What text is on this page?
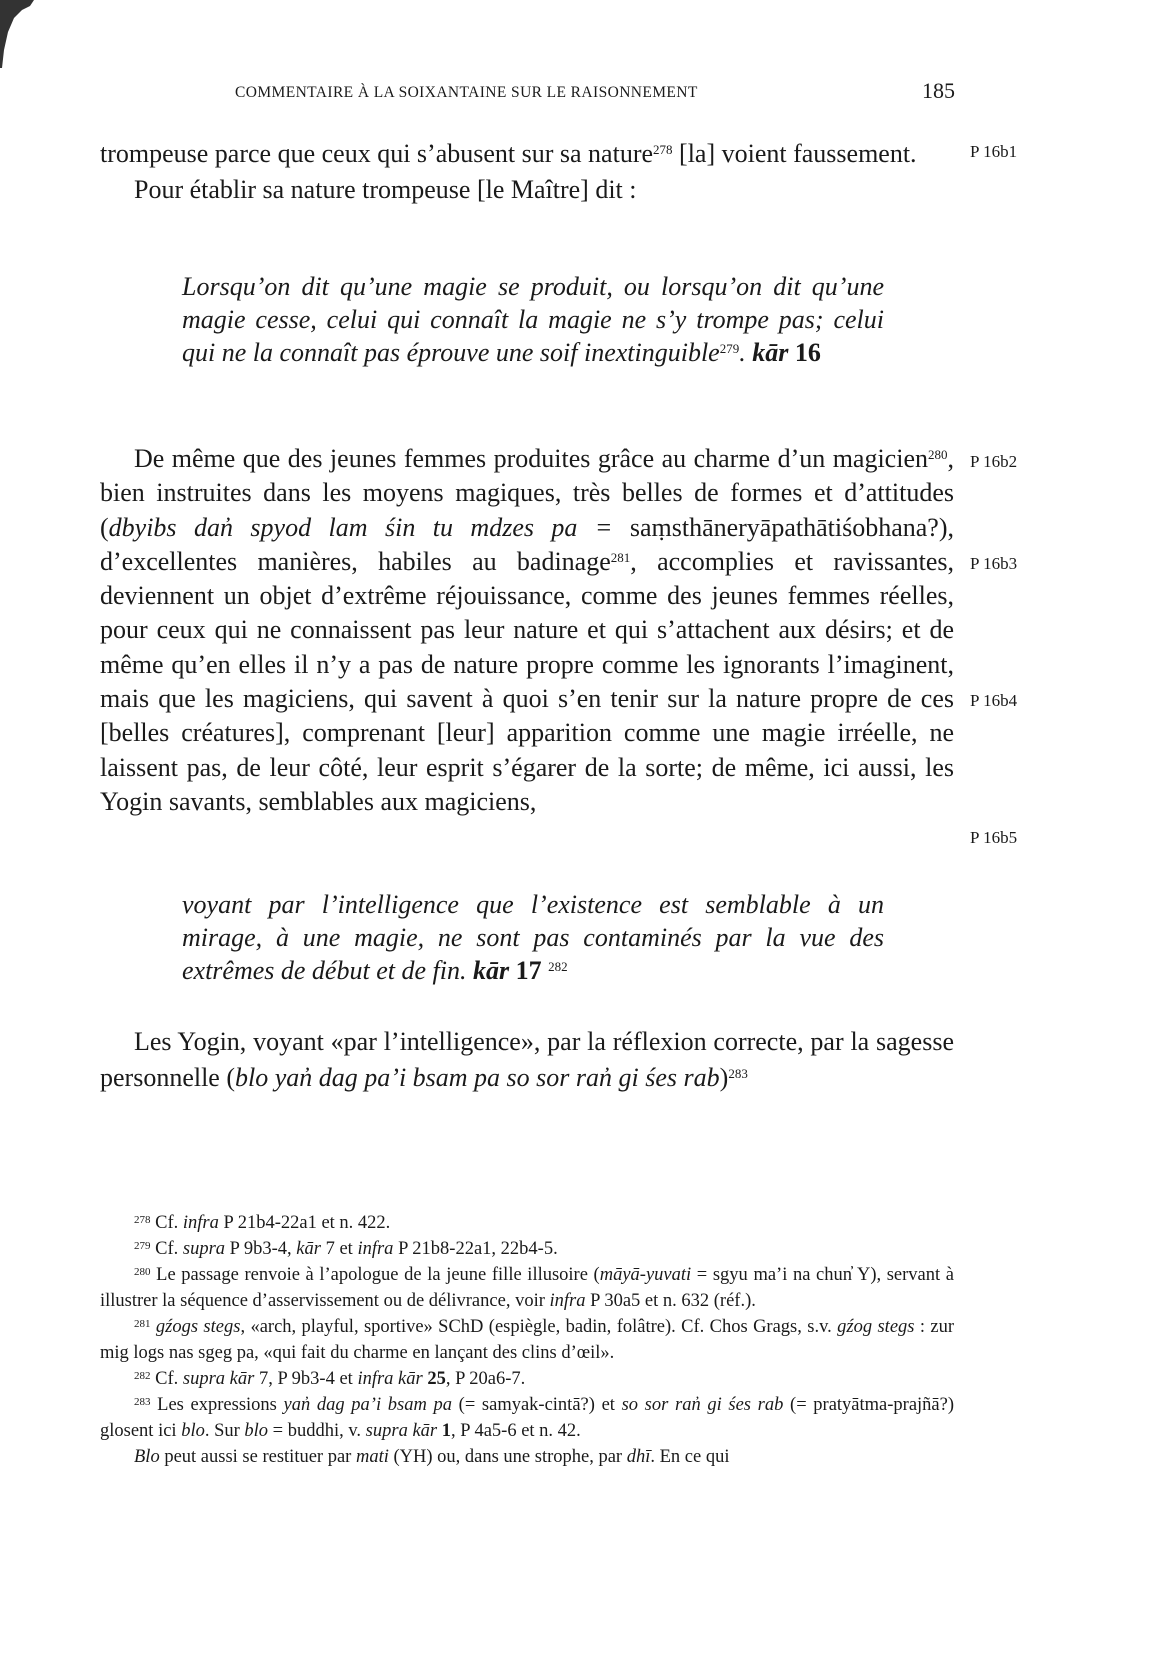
COMMENTAIRE À LA SOIXANTAINE SUR LE RAISONNEMENT	185

trompeuse parce que ceux qui s’abusent sur sa nature$^{278}$ [la] voient faussement.

Pour établir sa nature trompeuse [le Maître] dit :

Lorsqu’on dit qu’une magie se produit, ou lorsqu’on dit qu’une magie cesse, celui qui connaît la magie ne s’y trompe pas; celui qui ne la connaît pas éprouve une soif inextinguible$^{279}$. kār 16

De même que des jeunes femmes produites grâce au charme d’un magicien$^{280}$, bien instruites dans les moyens magiques, très belles de formes et d’attitudes (dbyibs dan̓ spyod lam śin tu mdzes pa = saṃsthāneryāpathātiśobhana?), d’excellentes manières, habiles au badinage$^{281}$, accomplies et ravissantes, deviennent un objet d’extrême réjouissance, comme des jeunes femmes réelles, pour ceux qui ne connaissent pas leur nature et qui s’attachent aux désirs; et de même qu’en elles il n’y a pas de nature propre comme les ignorants l’imaginent, mais que les magiciens, qui savent à quoi s’en tenir sur la nature propre de ces [belles créatures], comprenant [leur] apparition comme une magie irréelle, ne laissent pas, de leur côté, leur esprit s’égarer de la sorte; de même, ici aussi, les Yogin savants, semblables aux magiciens,

voyant par l’intelligence que l’existence est semblable à un mirage, à une magie, ne sont pas contaminés par la vue des extrêmes de début et de fin. kār 17 $^{282}$

Les Yogin, voyant «par l’intelligence», par la réflexion correcte, par la sagesse personnelle (blo yan̓ dag pa’i bsam pa so sor ran̓ gi śes rab)$^{283}$

P 16b1
P 16b2
P 16b3
P 16b4
P 16b5

$^{278}$ Cf. infra P 21b4-22a1 et n. 422.

$^{279}$ Cf. supra P 9b3-4, kār 7 et infra P 21b8-22a1, 22b4-5.

$^{280}$ Le passage renvoie à l’apologue de la jeune fille illusoire (māyā-yuvati = sgyu ma’i na chun̓ Y), servant à illustrer la séquence d’asservissement ou de délivrance, voir infra P 30a5 et n. 632 (réf.).

$^{281}$ gźogs stegs, «arch, playful, sportive» SChD (espiègle, badin, folâtre). Cf. Chos Grags, s.v. gźog stegs : zur mig logs nas sgeg pa, «qui fait du charme en lançant des clins d’œil».

$^{282}$ Cf. supra kār 7, P 9b3-4 et infra kār 25, P 20a6-7.

$^{283}$ Les expressions yan̓ dag pa’i bsam pa (= samyak-cintā?) et so sor ran̓ gi śes rab (= pratyātma-prajñā?) glosent ici blo. Sur blo = buddhi, v. supra kār 1, P 4a5-6 et n. 42.

Blo peut aussi se restituer par mati (YH) ou, dans une strophe, par dhī. En ce qui
